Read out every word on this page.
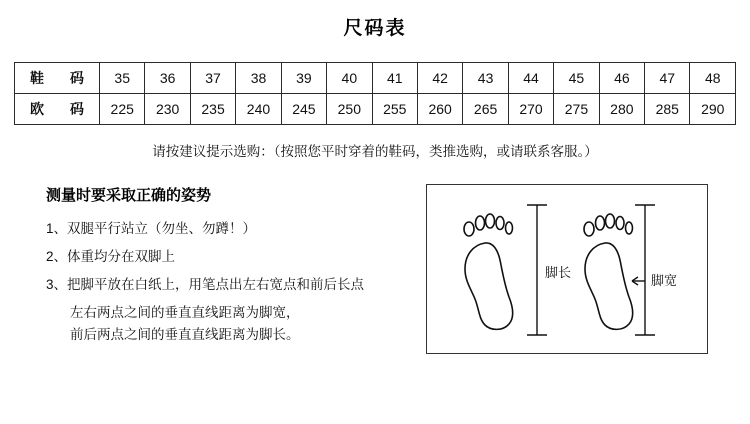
尺码表
鞋　码	35	36	37	38	39	40	41	42	43	44	45	46	47	48
欧　码	225	230	235	240	245	250	255	260	265	270	275	280	285	290
请按建议提示选购：（按照您平时穿着的鞋码，类推选购，或请联系客服。）
测量时要采取正确的姿势
1、双腿平行站立（勿坐、勿蹲！）
2、体重均分在双脚上
3、把脚平放在白纸上，用笔点出左右宽点和前后长点
左右两点之间的垂直直线距离为脚宽，
前后两点之间的垂直直线距离为脚长。
脚长
脚宽
